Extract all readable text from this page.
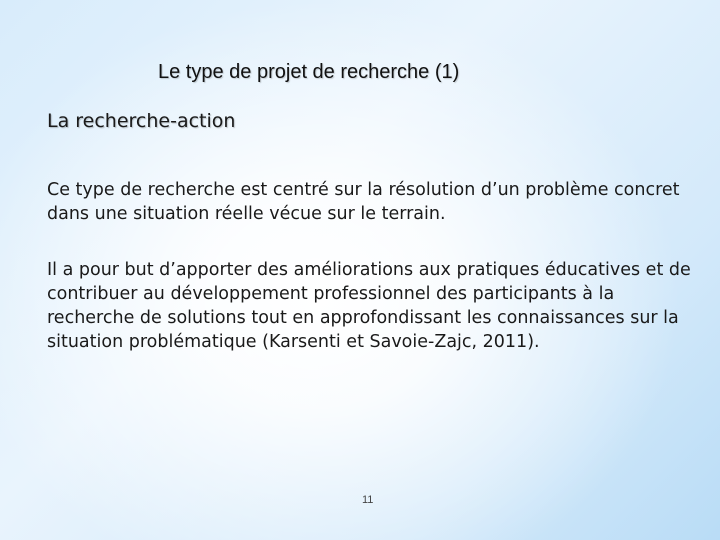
Le type de projet de recherche (1)
La recherche-action

Ce type de recherche est centré sur la résolution d’un problème concret dans une situation réelle vécue sur le terrain.

Il a pour but d’apporter des améliorations aux pratiques éducatives et de contribuer au développement professionnel des participants à la recherche de solutions tout en approfondissant les connaissances sur la situation problématique (Karsenti et Savoie-Zajc, 2011).

11
